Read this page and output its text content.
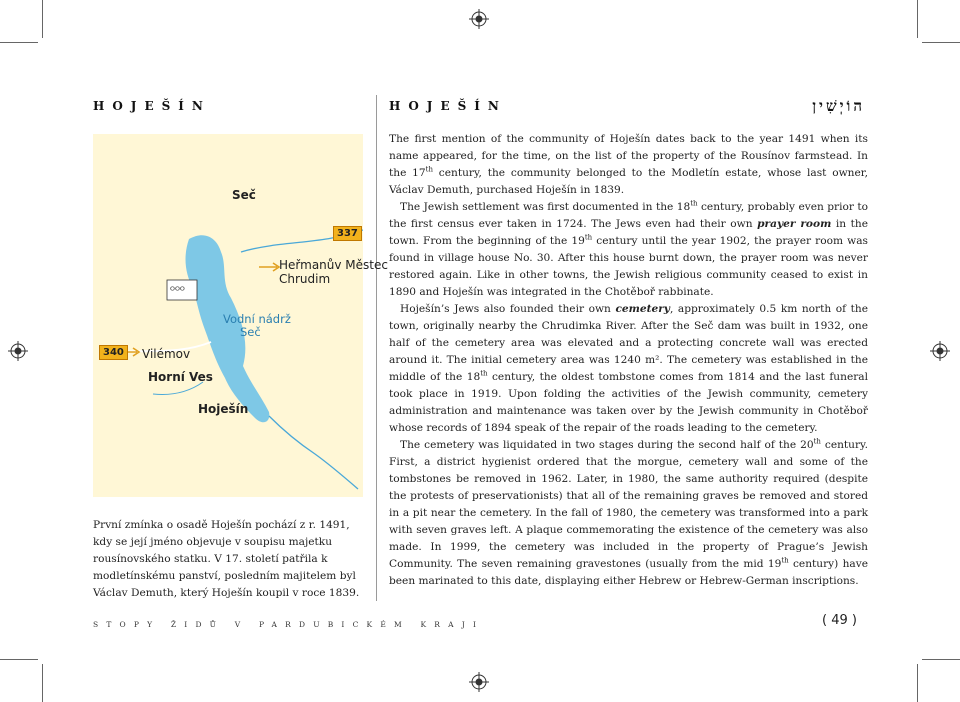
HOJEŠÍN	HOJEŠÍN	הוֹיְשִׁין
ᴼᴼᴼ
Seč
337
Heřmanův Městec
Chrudim
Vodní nádrž
Seč
340	Vilémov
Horní Ves
Hoješín

The first mention of the community of Hoješín dates back to the year 1491 when its name appeared, for the time, on the list of the property of the Rousínov farmstead. In the 17th century, the community belonged to the Modletín estate, whose last owner, Václav Demuth, purchased Hoješín in 1839.

The Jewish settlement was first documented in the 18th century, probably even prior to the first census ever taken in 1724. The Jews even had their own prayer room in the town. From the beginning of the 19th century until the year 1902, the prayer room was found in village house No. 30. After this house burnt down, the prayer room was never restored again. Like in other towns, the Jewish religious community ceased to exist in 1890 and Hoješín was integrated in the Chotěboř rabbinate.

Hoješín’s Jews also founded their own cemetery, approximately 0.5 km north of the town, originally nearby the Chrudimka River. After the Seč dam was built in 1932, one half of the cemetery area was elevated and a protecting concrete wall was erected around it. The initial cemetery area was 1240 m². The cemetery was established in the middle of the 18th century, the oldest tombstone comes from 1814 and the last funeral took place in 1919. Upon folding the activities of the Jewish community, cemetery administration and maintenance was taken over by the Jewish community in Chotěboř whose records of 1894 speak of the repair of the roads leading to the cemetery.

The cemetery was liquidated in two stages during the second half of the 20th century. First, a district hygienist ordered that the morgue, cemetery wall and some of the tombstones be removed in 1962. Later, in 1980, the same authority required (despite the protests of preservationists) that all of the remaining graves be removed and stored in a pit near the cemetery. In the fall of 1980, the cemetery was transformed into a park with seven graves left. A plaque commemorating the existence of the cemetery was also made. In 1999, the cemetery was included in the property of Prague’s Jewish Community. The seven remaining gravestones (usually from the mid 19th century) have been marinated to this date, displaying either Hebrew or Hebrew-German inscriptions.

První zmínka o osadě Hoješín pochází z r. 1491, kdy se její jméno objevuje v soupisu majetku rousínovského statku. V 17. století patřila k modletínskému panství, posledním majitelem byl Václav Demuth, který Hoješín koupil v roce 1839.
STOPY ŽIDŮ V PARDUBICKÉM KRAJI	( 49 )
